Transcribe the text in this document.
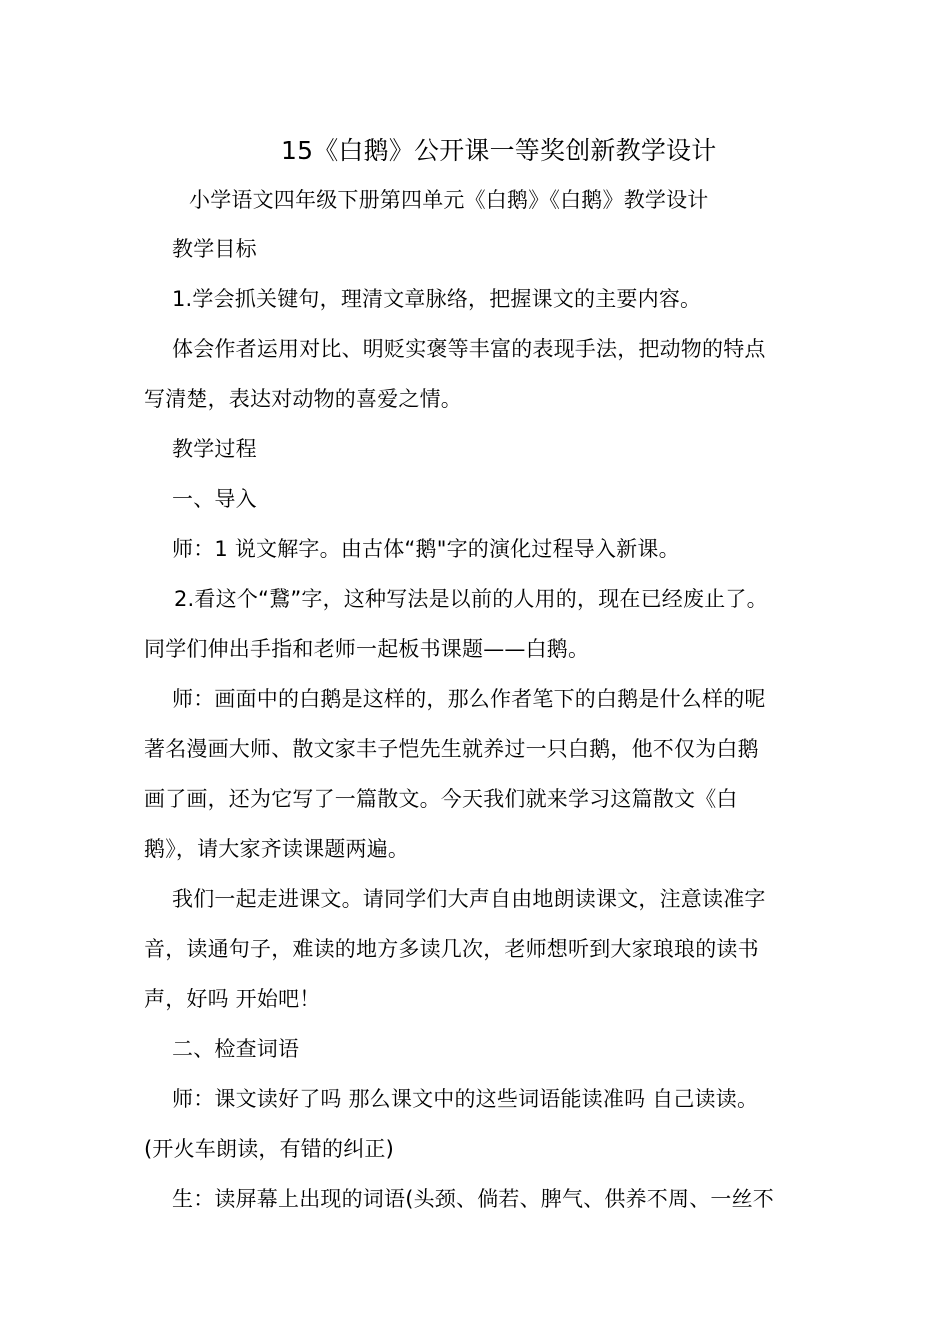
15《白鹅》公开课一等奖创新教学设计
小学语文四年级下册第四单元《白鹅》《白鹅》教学设计
教学目标
1.学会抓关键句，理清文章脉络，把握课文的主要内容。
体会作者运用对比、明贬实褒等丰富的表现手法，把动物的特点
写清楚，表达对动物的喜爱之情。
教学过程
一、导入
师：1 说文解字。由古体“鹅"字的演化过程导入新课。
2.看这个“鵞”字，这种写法是以前的人用的，现在已经废止了。
同学们伸出手指和老师一起板书课题——白鹅。
师：画面中的白鹅是这样的，那么作者笔下的白鹅是什么样的呢
著名漫画大师、散文家丰子恺先生就养过一只白鹅，他不仅为白鹅
画了画，还为它写了一篇散文。今天我们就来学习这篇散文《白
鹅》，请大家齐读课题两遍。
我们一起走进课文。请同学们大声自由地朗读课文，注意读准字
音，读通句子，难读的地方多读几次，老师想听到大家琅琅的读书
声，好吗 开始吧！
二、检查词语
师：课文读好了吗 那么课文中的这些词语能读准吗 自己读读。
(开火车朗读，有错的纠正)
生：读屏幕上出现的词语(头颈、倘若、脾气、供养不周、一丝不
